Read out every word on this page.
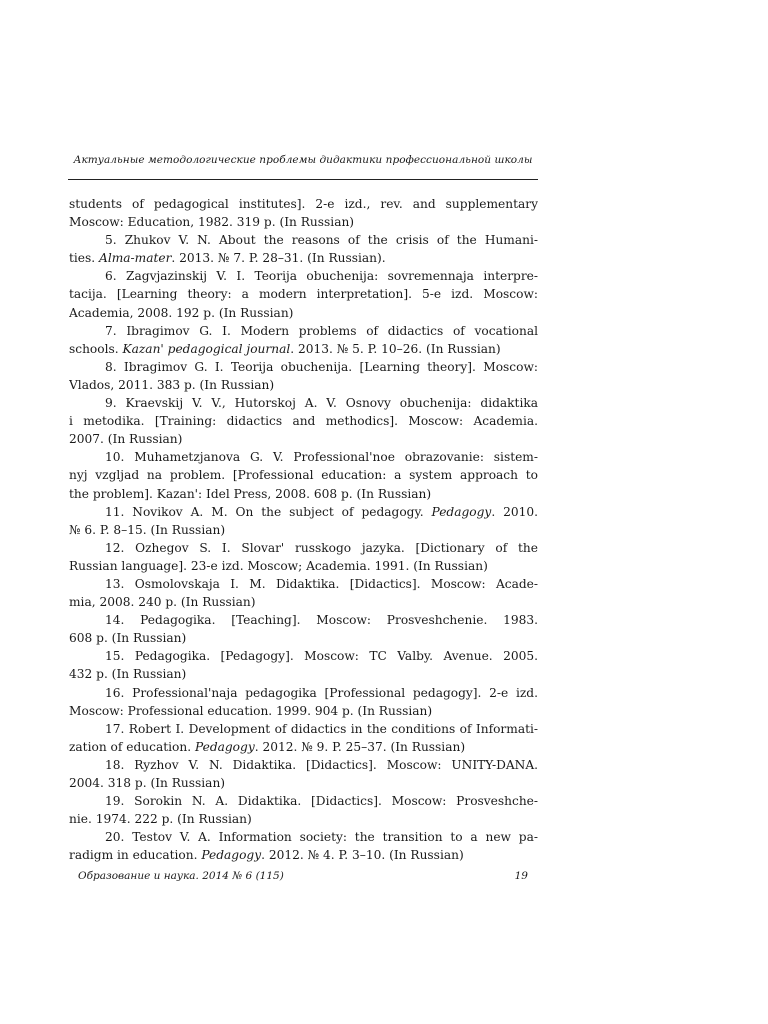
Актуальные методологические проблемы дидактики профессиональной школы
students of pedagogical institutes]. 2-e izd., rev. and supplementary
Moscow: Education, 1982. 319 p. (In Russian)
5. Zhukov V. N. About the reasons of the crisis of the Humani-
ties. Alma-mater. 2013. № 7. P. 28–31. (In Russian).
6. Zagvjazinskij V. I. Teorija obuchenija: sovremennaja interpre-
tacija. [Learning theory: a modern interpretation]. 5-e izd. Moscow:
Academia, 2008. 192 p. (In Russian)
7. Ibragimov G. I. Modern problems of didactics of vocational
schools. Kazan' pedagogical journal. 2013. № 5. P. 10–26. (In Russian)
8. Ibragimov G. I. Teorija obuchenija. [Learning theory]. Moscow:
Vlados, 2011. 383 p. (In Russian)
9. Kraevskij V. V., Hutorskoj A. V. Osnovy obuchenija: didaktika
i metodika. [Training: didactics and methodics]. Moscow: Academia.
2007. (In Russian)
10. Muhametzjanova G. V. Professional'noe obrazovanie: sistem-
nyj vzgljad na problem. [Professional education: a system approach to
the problem]. Kazan': Idel Press, 2008. 608 p. (In Russian)
11. Novikov A. M. On the subject of pedagogy. Pedagogy. 2010.
№ 6. P. 8–15. (In Russian)
12. Ozhegov S. I. Slovar' russkogo jazyka. [Dictionary of the
Russian language]. 23-e izd. Moscow; Academia. 1991. (In Russian)
13. Osmolovskaja I. M. Didaktika. [Didactics]. Moscow: Acade-
mia, 2008. 240 p. (In Russian)
14. Pedagogika. [Teaching]. Moscow: Prosveshchenie. 1983.
608 p. (In Russian)
15. Pedagogika. [Pedagogy]. Moscow: TC Valby. Avenue. 2005.
432 p. (In Russian)
16. Professional'naja pedagogika [Professional pedagogy]. 2-e izd.
Moscow: Professional education. 1999. 904 p. (In Russian)
17. Robert I. Development of didactics in the conditions of Informati-
zation of education. Pedagogy. 2012. № 9. P. 25–37. (In Russian)
18. Ryzhov V. N. Didaktika. [Didactics]. Moscow: UNITY-DANA.
2004. 318 p. (In Russian)
19. Sorokin N. A. Didaktika. [Didactics]. Moscow: Prosveshche-
nie. 1974. 222 p. (In Russian)
20. Testov V. A. Information society: the transition to a new pa-
radigm in education. Pedagogy. 2012. № 4. P. 3–10. (In Russian)
Образование и наука. 2014 № 6 (115)	19
